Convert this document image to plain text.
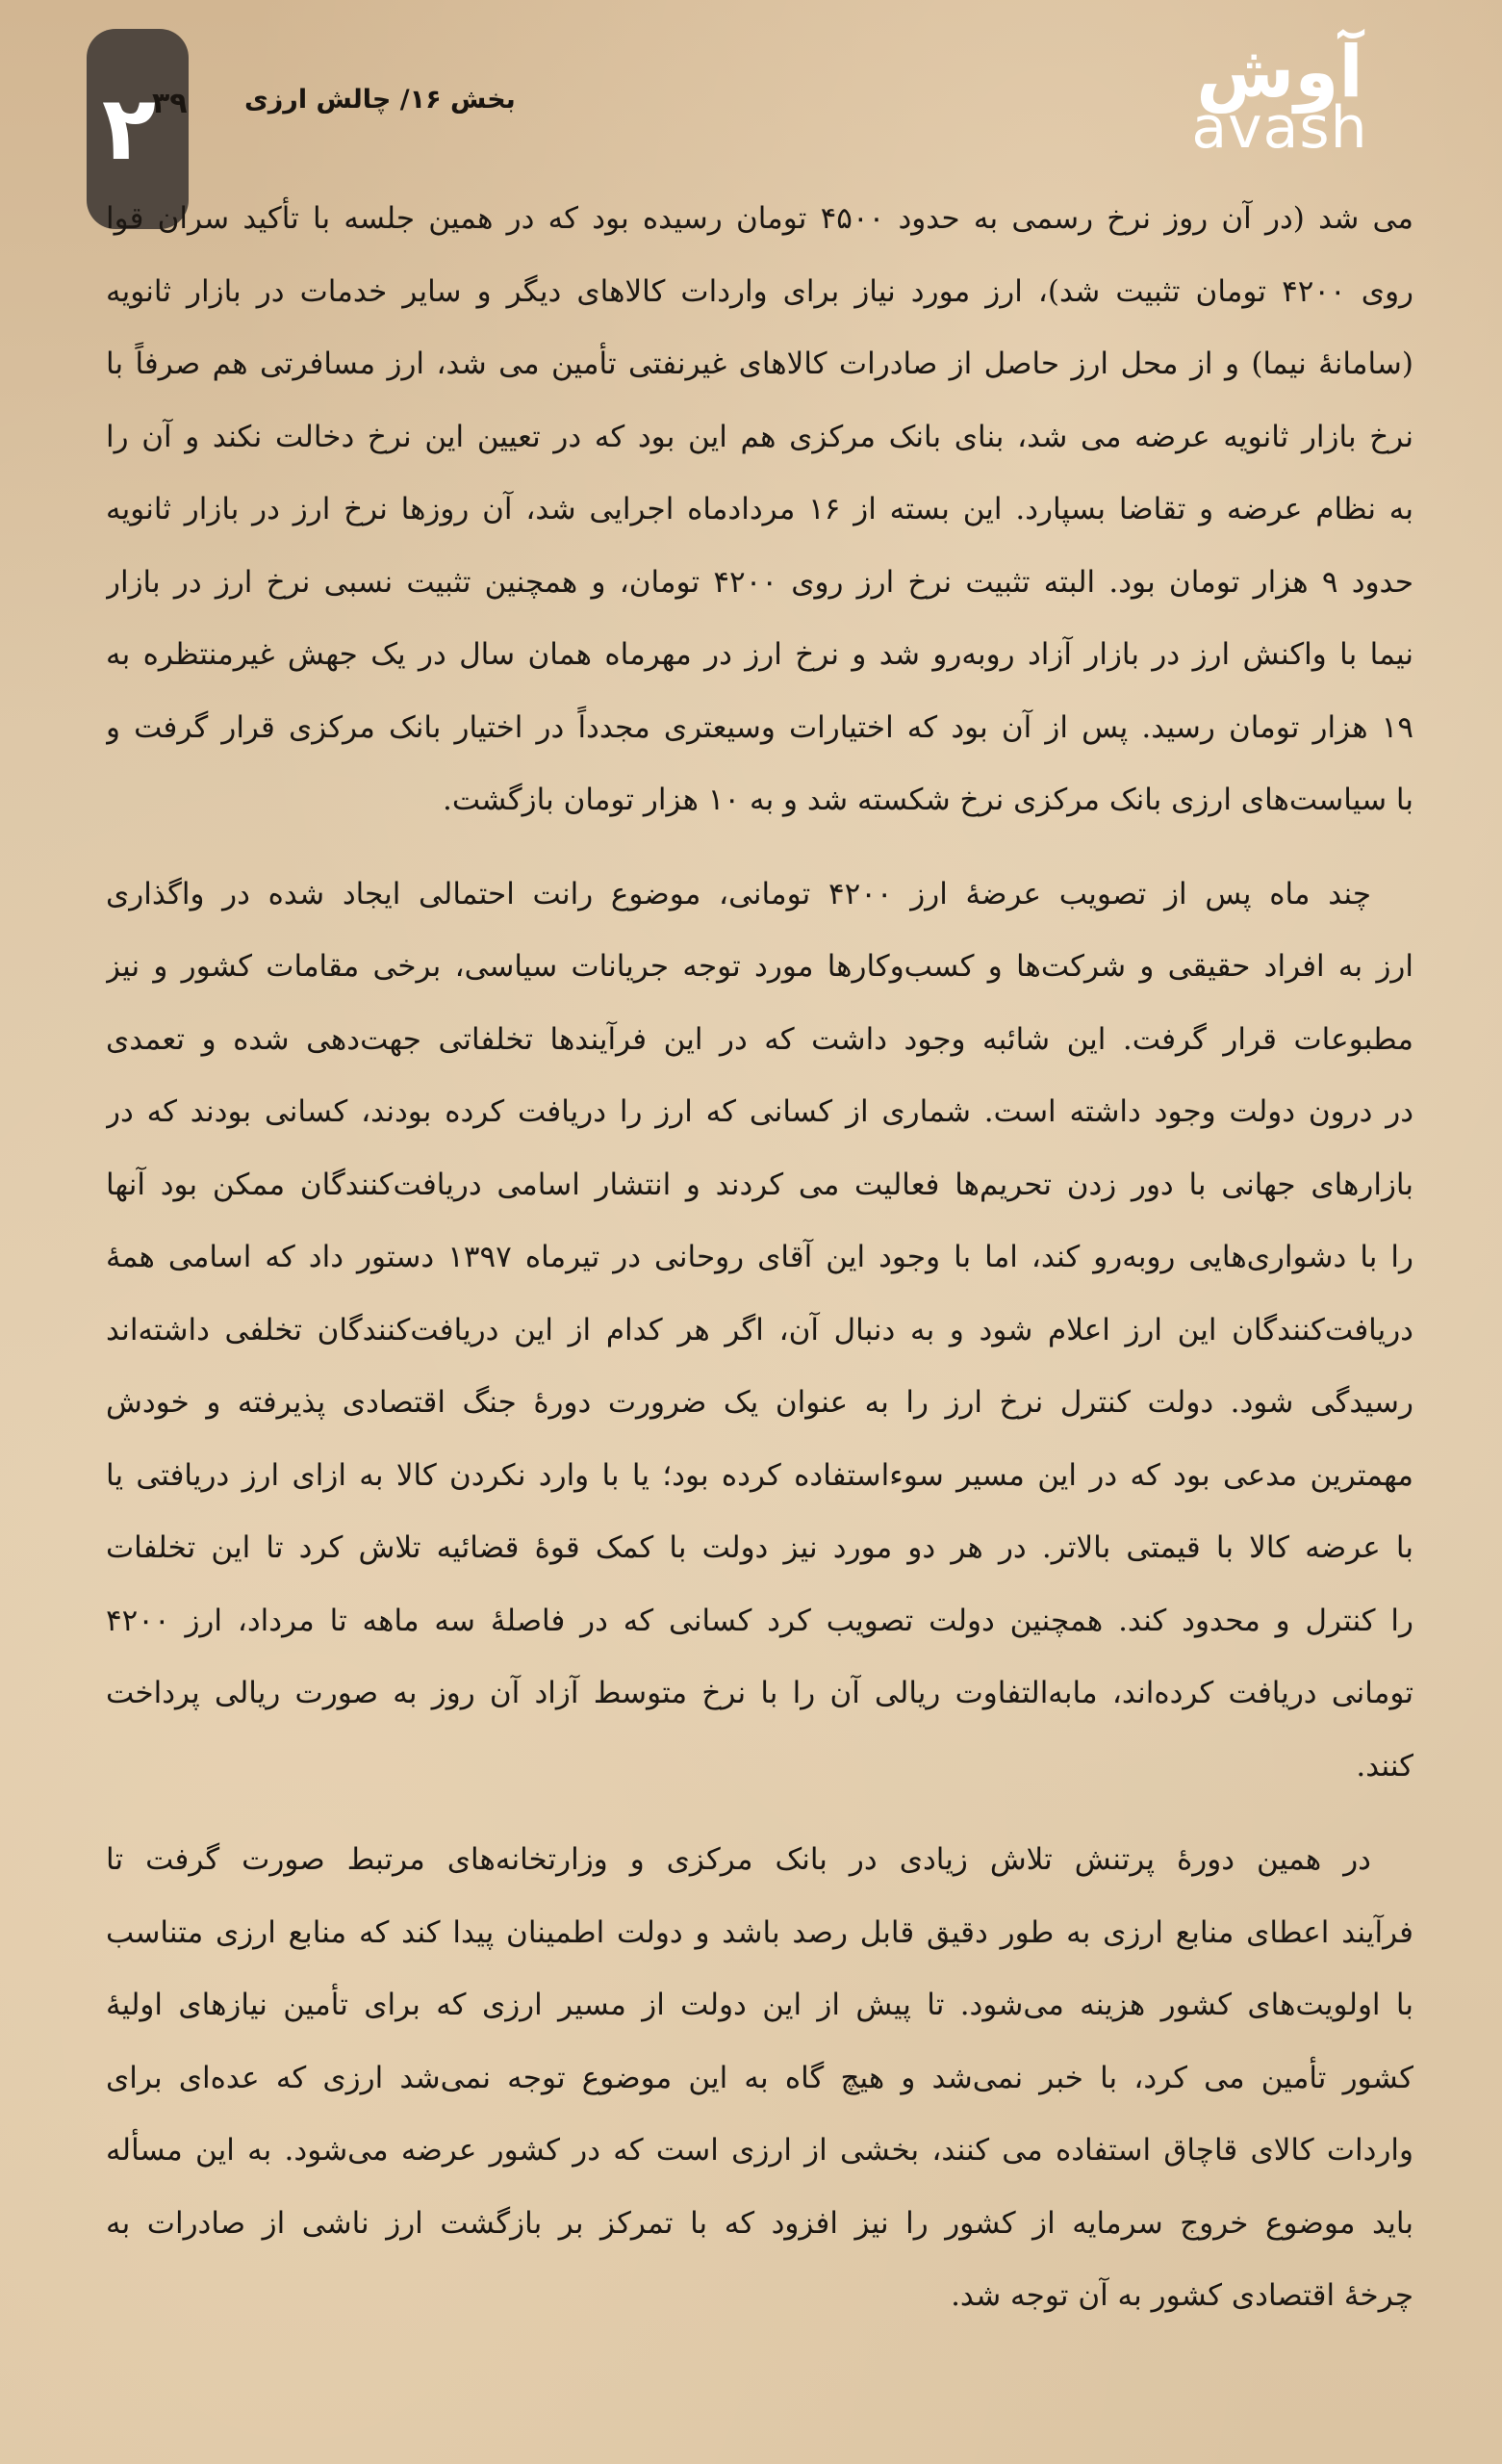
۲
۳۹ بخش ۱۶/ چالش ارزی	آوش
avash
می شد (در آن روز نرخ رسمی به حدود ۴۵۰۰ تومان رسیده بود که در همین جلسه با تأکید سران قوا
روی ۴۲۰۰ تومان تثبیت شد)، ارز مورد نیاز برای واردات کالاهای دیگر و سایر خدمات در بازار ثانویه
(سامانهٔ نیما) و از محل ارز حاصل از صادرات کالاهای غیرنفتی تأمین می شد، ارز مسافرتی هم صرفاً با
نرخ بازار ثانویه عرضه می شد، بنای بانک مرکزی هم این بود که در تعیین این نرخ دخالت نکند و آن را
به نظام عرضه و تقاضا بسپارد. این بسته از ۱۶ مردادماه اجرایی شد، آن روزها نرخ ارز در بازار ثانویه
حدود ۹ هزار تومان بود. البته تثبیت نرخ ارز روی ۴۲۰۰ تومان، و همچنین تثبیت نسبی نرخ ارز در بازار
نیما با واکنش ارز در بازار آزاد روبه‌رو شد و نرخ ارز در مهرماه همان سال در یک جهش غیرمنتظره به
۱۹ هزار تومان رسید. پس از آن بود که اختیارات وسیعتری مجدداً در اختیار بانک مرکزی قرار گرفت و
با سیاست‌های ارزی بانک مرکزی نرخ شکسته شد و به ۱۰ هزار تومان بازگشت.
چند ماه پس از تصویب عرضهٔ ارز ۴۲۰۰ تومانی، موضوع رانت احتمالی ایجاد شده در واگذاری
ارز به افراد حقیقی و شرکت‌ها و کسب‌وکارها مورد توجه جریانات سیاسی، برخی مقامات کشور و نیز
مطبوعات قرار گرفت. این شائبه وجود داشت که در این فرآیندها تخلفاتی جهت‌دهی شده و تعمدی
در درون دولت وجود داشته است. شماری از کسانی که ارز را دریافت کرده بودند، کسانی بودند که در
بازارهای جهانی با دور زدن تحریم‌ها فعالیت می کردند و انتشار اسامی دریافت‌کنندگان ممکن بود آنها
را با دشواری‌هایی روبه‌رو کند، اما با وجود این آقای روحانی در تیرماه ۱۳۹۷ دستور داد که اسامی همهٔ
دریافت‌کنندگان این ارز اعلام شود و به دنبال آن، اگر هر کدام از این دریافت‌کنندگان تخلفی داشته‌اند
رسیدگی شود. دولت کنترل نرخ ارز را به عنوان یک ضرورت دورهٔ جنگ اقتصادی پذیرفته و خودش
مهمترین مدعی بود که در این مسیر سوءاستفاده کرده بود؛ یا با وارد نکردن کالا به ازای ارز دریافتی یا
با عرضه کالا با قیمتی بالاتر. در هر دو مورد نیز دولت با کمک قوهٔ قضائیه تلاش کرد تا این تخلفات
را کنترل و محدود کند. همچنین دولت تصویب کرد کسانی که در فاصلهٔ سه ماهه تا مرداد، ارز ۴۲۰۰
تومانی دریافت کرده‌اند، مابه‌التفاوت ریالی آن را با نرخ متوسط آزاد آن روز به صورت ریالی پرداخت
کنند.
در همین دورهٔ پرتنش تلاش زیادی در بانک مرکزی و وزارتخانه‌های مرتبط صورت گرفت تا
فرآیند اعطای منابع ارزی به طور دقیق قابل رصد باشد و دولت اطمینان پیدا کند که منابع ارزی متناسب
با اولویت‌های کشور هزینه می‌شود. تا پیش از این دولت از مسیر ارزی که برای تأمین نیازهای اولیهٔ
کشور تأمین می کرد، با خبر نمی‌شد و هیچ گاه به این موضوع توجه نمی‌شد ارزی که عده‌ای برای
واردات کالای قاچاق استفاده می کنند، بخشی از ارزی است که در کشور عرضه می‌شود. به این مسأله
باید موضوع خروج سرمایه از کشور را نیز افزود که با تمرکز بر بازگشت ارز ناشی از صادرات به
چرخهٔ اقتصادی کشور به آن توجه شد.
